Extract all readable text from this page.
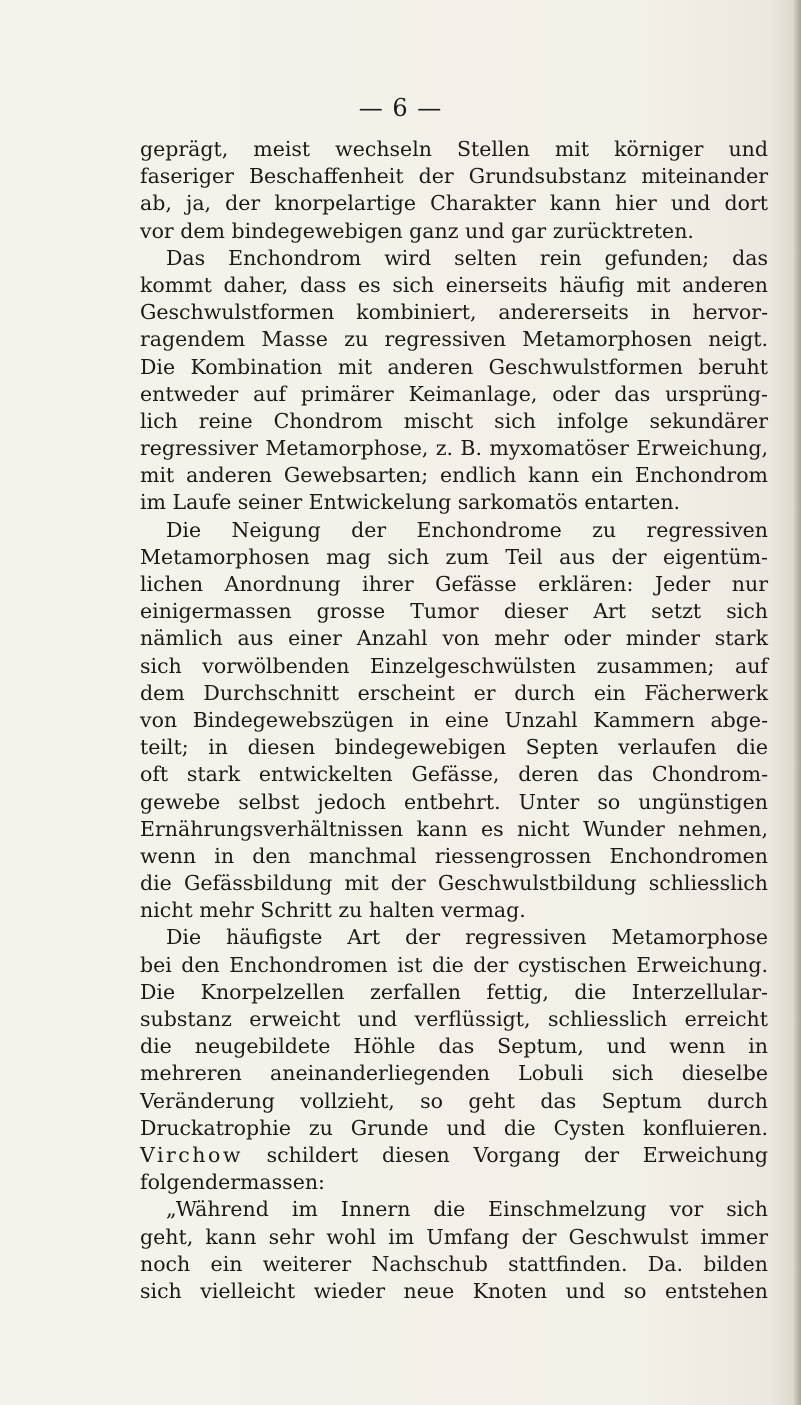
— 6 —
geprägt, meist wechseln Stellen mit körniger und
faseriger Beschaffenheit der Grundsubstanz miteinander
ab, ja, der knorpelartige Charakter kann hier und dort
vor dem bindegewebigen ganz und gar zurücktreten.
Das Enchondrom wird selten rein gefunden; das
kommt daher, dass es sich einerseits häufig mit anderen
Geschwulstformen kombiniert, andererseits in hervor-
ragendem Masse zu regressiven Metamorphosen neigt.
Die Kombination mit anderen Geschwulstformen beruht
entweder auf primärer Keimanlage, oder das ursprüng-
lich reine Chondrom mischt sich infolge sekundärer
regressiver Metamorphose, z. B. myxomatöser Erweichung,
mit anderen Gewebsarten; endlich kann ein Enchondrom
im Laufe seiner Entwickelung sarkomatös entarten.
Die Neigung der Enchondrome zu regressiven
Metamorphosen mag sich zum Teil aus der eigentüm-
lichen Anordnung ihrer Gefässe erklären: Jeder nur
einigermassen grosse Tumor dieser Art setzt sich
nämlich aus einer Anzahl von mehr oder minder stark
sich vorwölbenden Einzelgeschwülsten zusammen; auf
dem Durchschnitt erscheint er durch ein Fächerwerk
von Bindegewebszügen in eine Unzahl Kammern abge-
teilt; in diesen bindegewebigen Septen verlaufen die
oft stark entwickelten Gefässe, deren das Chondrom-
gewebe selbst jedoch entbehrt. Unter so ungünstigen
Ernährungsverhältnissen kann es nicht Wunder nehmen,
wenn in den manchmal riessengrossen Enchondromen
die Gefässbildung mit der Geschwulstbildung schliesslich
nicht mehr Schritt zu halten vermag.
Die häufigste Art der regressiven Metamorphose
bei den Enchondromen ist die der cystischen Erweichung.
Die Knorpelzellen zerfallen fettig, die Interzellular-
substanz erweicht und verflüssigt, schliesslich erreicht
die neugebildete Höhle das Septum, und wenn in
mehreren aneinanderliegenden Lobuli sich dieselbe
Veränderung vollzieht, so geht das Septum durch
Druckatrophie zu Grunde und die Cysten konfluieren.
Virchow schildert diesen Vorgang der Erweichung
folgendermassen:
„Während im Innern die Einschmelzung vor sich
geht, kann sehr wohl im Umfang der Geschwulst immer
noch ein weiterer Nachschub stattfinden. Da. bilden
sich vielleicht wieder neue Knoten und so entstehen
